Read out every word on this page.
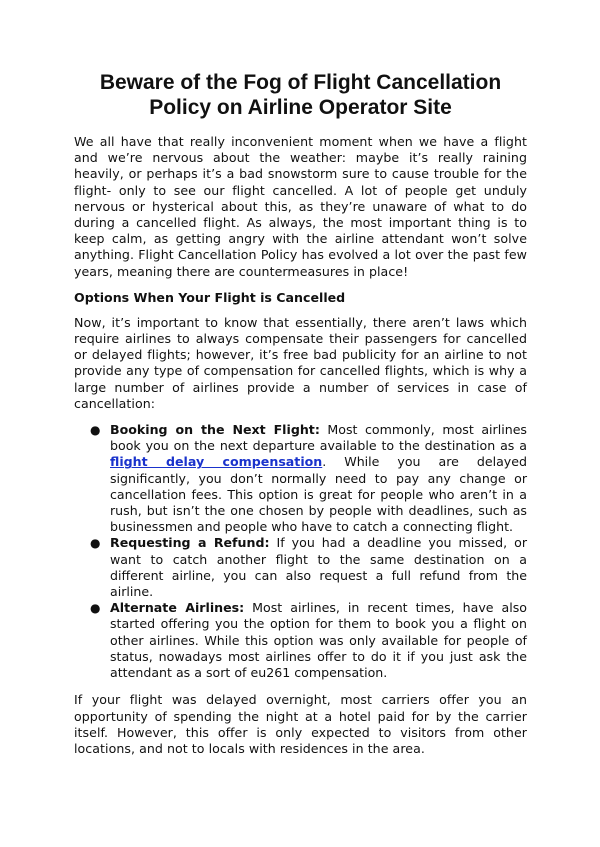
Beware of the Fog of Flight Cancellation Policy on Airline Operator Site

We all have that really inconvenient moment when we have a flight and we’re nervous about the weather: maybe it’s really raining heavily, or perhaps it’s a bad snowstorm sure to cause trouble for the flight- only to see our flight cancelled. A lot of people get unduly nervous or hysterical about this, as they’re unaware of what to do during a cancelled flight. As always, the most important thing is to keep calm, as getting angry with the airline attendant won’t solve anything. Flight Cancellation Policy has evolved a lot over the past few years, meaning there are countermeasures in place!

Options When Your Flight is Cancelled

Now, it’s important to know that essentially, there aren’t laws which require airlines to always compensate their passengers for cancelled or delayed flights; however, it’s free bad publicity for an airline to not provide any type of compensation for cancelled flights, which is why a large number of airlines provide a number of services in case of cancellation:

● Booking on the Next Flight: Most commonly, most airlines book you on the next departure available to the destination as a flight delay compensation. While you are delayed significantly, you don’t normally need to pay any change or cancellation fees. This option is great for people who aren’t in a rush, but isn’t the one chosen by people with deadlines, such as businessmen and people who have to catch a connecting flight.
● Requesting a Refund: If you had a deadline you missed, or want to catch another flight to the same destination on a different airline, you can also request a full refund from the airline.
● Alternate Airlines: Most airlines, in recent times, have also started offering you the option for them to book you a flight on other airlines. While this option was only available for people of status, nowadays most airlines offer to do it if you just ask the attendant as a sort of eu261 compensation.

If your flight was delayed overnight, most carriers offer you an opportunity of spending the night at a hotel paid for by the carrier itself. However, this offer is only expected to visitors from other locations, and not to locals with residences in the area.
